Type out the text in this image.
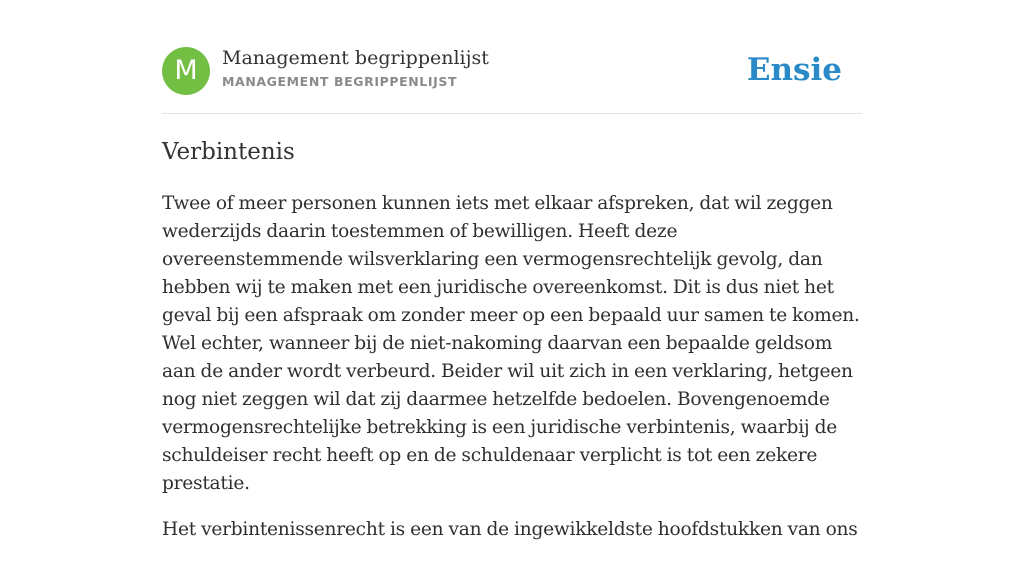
M	Management begrippenlijst
MANAGEMENT BEGRIPPENLIJST	Ensie
Verbintenis

Twee of meer personen kunnen iets met elkaar afspreken, dat wil zeggen wederzijds daarin toestemmen of bewilligen. Heeft deze overeenstemmende wilsverklaring een vermogensrechtelijk gevolg, dan hebben wij te maken met een juridische overeenkomst. Dit is dus niet het geval bij een afspraak om zonder meer op een bepaald uur samen te komen. Wel echter, wanneer bij de niet-nakoming daarvan een bepaalde geldsom aan de ander wordt verbeurd. Beider wil uit zich in een verklaring, hetgeen nog niet zeggen wil dat zij daarmee hetzelfde bedoelen. Bovengenoemde vermogensrechtelijke betrekking is een juridische verbintenis, waarbij de schuldeiser recht heeft op en de schuldenaar verplicht is tot een zekere prestatie.

Het verbintenissenrecht is een van de ingewikkeldste hoofdstukken van ons
